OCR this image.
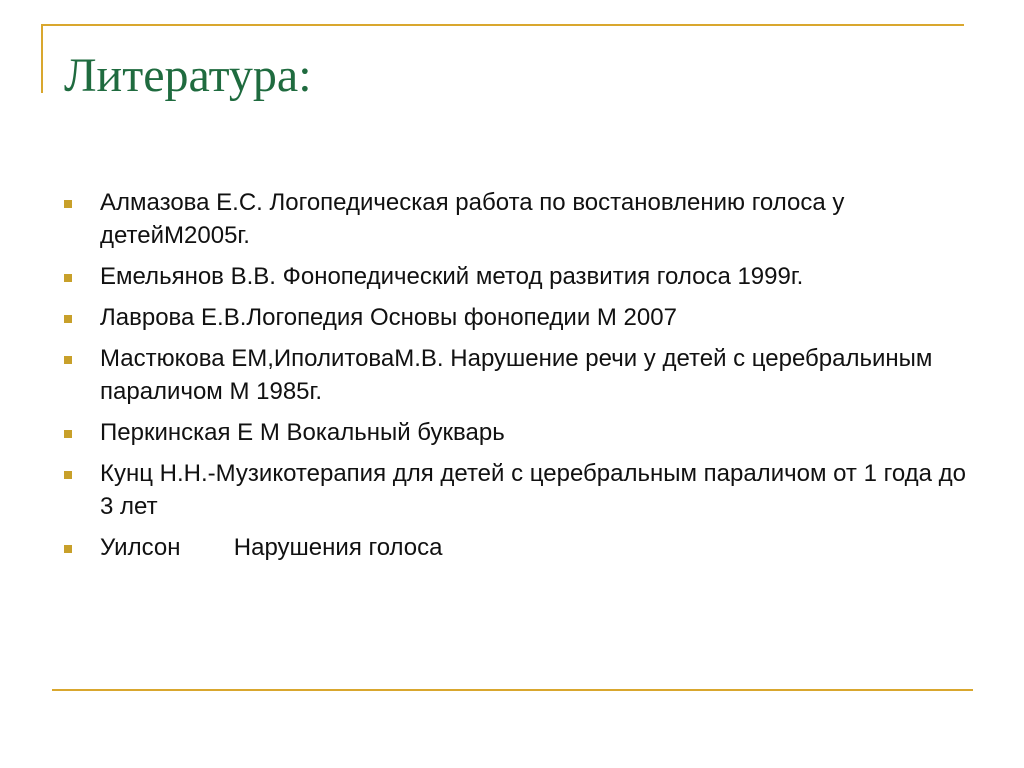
Литература:
Алмазова Е.С. Логопедическая работа по востановлению голоса у детейМ2005г.
Емельянов В.В. Фонопедический метод развития голоса 1999г.
Лаврова Е.В.Логопедия Основы фонопедии М 2007
Мастюкова ЕМ,ИполитоваМ.В. Нарушение речи у детей с цеpебpальиным параличом М 1985г.
Перкинская Е М Вокальный букварь
Кунц Н.Н.-Музикотерапия для детей с церебральным параличом от 1 года до 3 лет
Уилсон        Нарушения голоса
